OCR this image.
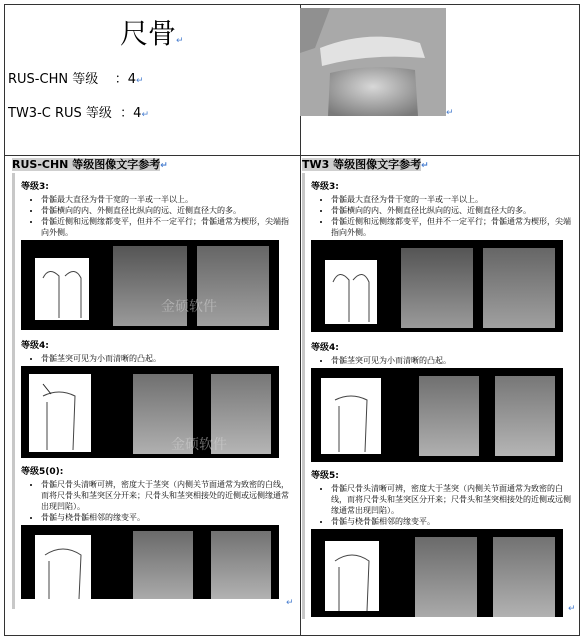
尺骨↵
RUS-CHN 等级 ：4↵
TW3-C RUS 等级 ：4↵	↵
RUS-CHN 等级图像文字参考↵	TW3 等级图像文字参考↵

等级3:

• 骨骺最大直径为骨干宽的一半或一半以上。
• 骨骺横向的内、外侧直径比纵向的远、近侧直径大的多。
• 骨骺近侧和远侧缘都变平，但并不一定平行；骨骺通常为楔形，尖端指向外侧。
金硕软件

等级4:

• 骨骺茎突可见为小而清晰的凸起。
金硕软件

等级5(0):

• 骨骺尺骨头清晰可辨，密度大于茎突（内侧关节面通常为致密的白线，而将尺骨头和茎突区分开来；尺骨头和茎突相接处的近侧或远侧缘通常出现凹陷）。
• 骨骺与桡骨骺相邻的缘变平。
↵

等级3:

• 骨骺最大直径为骨干宽的一半或一半以上。
• 骨骺横向的内、外侧直径比纵向的远、近侧直径大的多。
• 骨骺近侧和远侧缘都变平，但并不一定平行；骨骺通常为楔形，尖端指向外侧。

等级4:

• 骨骺茎突可见为小而清晰的凸起。

等级5:

• 骨骺尺骨头清晰可辨，密度大于茎突（内侧关节面通常为致密的白线，而将尺骨头和茎突区分开来；尺骨头和茎突相接处的近侧或远侧缘通常出现凹陷）。
• 骨骺与桡骨骺相邻的缘变平。
↵
